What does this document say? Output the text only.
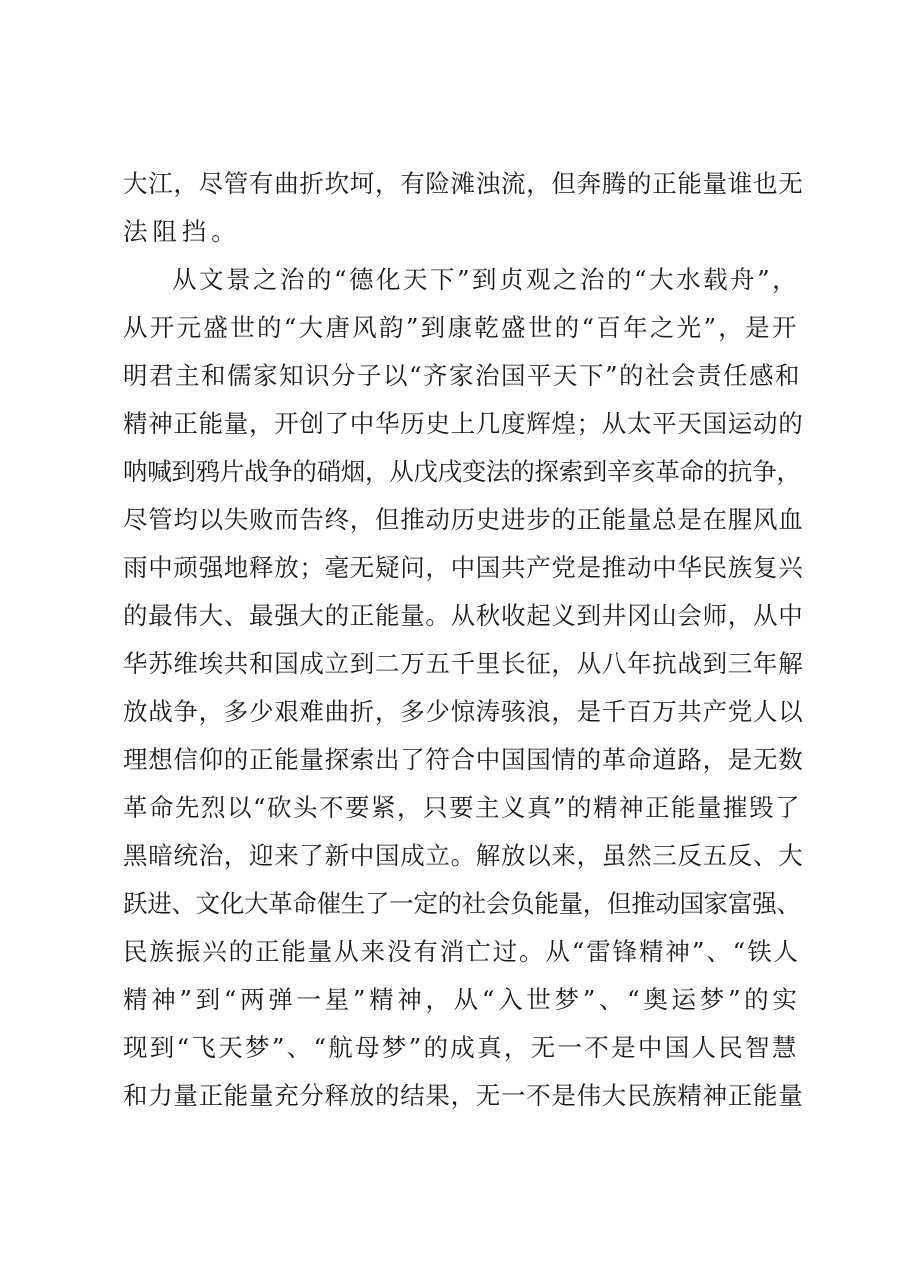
大江，尽管有曲折坎坷，有险滩浊流，但奔腾的正能量谁也无
法阻挡。
从文景之治的“德化天下”到贞观之治的“大水载舟”，
从开元盛世的“大唐风韵”到康乾盛世的“百年之光”，是开
明君主和儒家知识分子以“齐家治国平天下”的社会责任感和
精神正能量，开创了中华历史上几度辉煌；从太平天国运动的
呐喊到鸦片战争的硝烟，从戊戌变法的探索到辛亥革命的抗争，
尽管均以失败而告终，但推动历史进步的正能量总是在腥风血
雨中顽强地释放；毫无疑问，中国共产党是推动中华民族复兴
的最伟大、最强大的正能量。从秋收起义到井冈山会师，从中
华苏维埃共和国成立到二万五千里长征，从八年抗战到三年解
放战争，多少艰难曲折，多少惊涛骇浪，是千百万共产党人以
理想信仰的正能量探索出了符合中国国情的革命道路，是无数
革命先烈以“砍头不要紧，只要主义真”的精神正能量摧毁了
黑暗统治，迎来了新中国成立。解放以来，虽然三反五反、大
跃进、文化大革命催生了一定的社会负能量，但推动国家富强、
民族振兴的正能量从来没有消亡过。从“雷锋精神”、“铁人
精神”到“两弹一星”精神，从“入世梦”、“奥运梦”的实
现到“飞天梦”、“航母梦”的成真，无一不是中国人民智慧
和力量正能量充分释放的结果，无一不是伟大民族精神正能量
